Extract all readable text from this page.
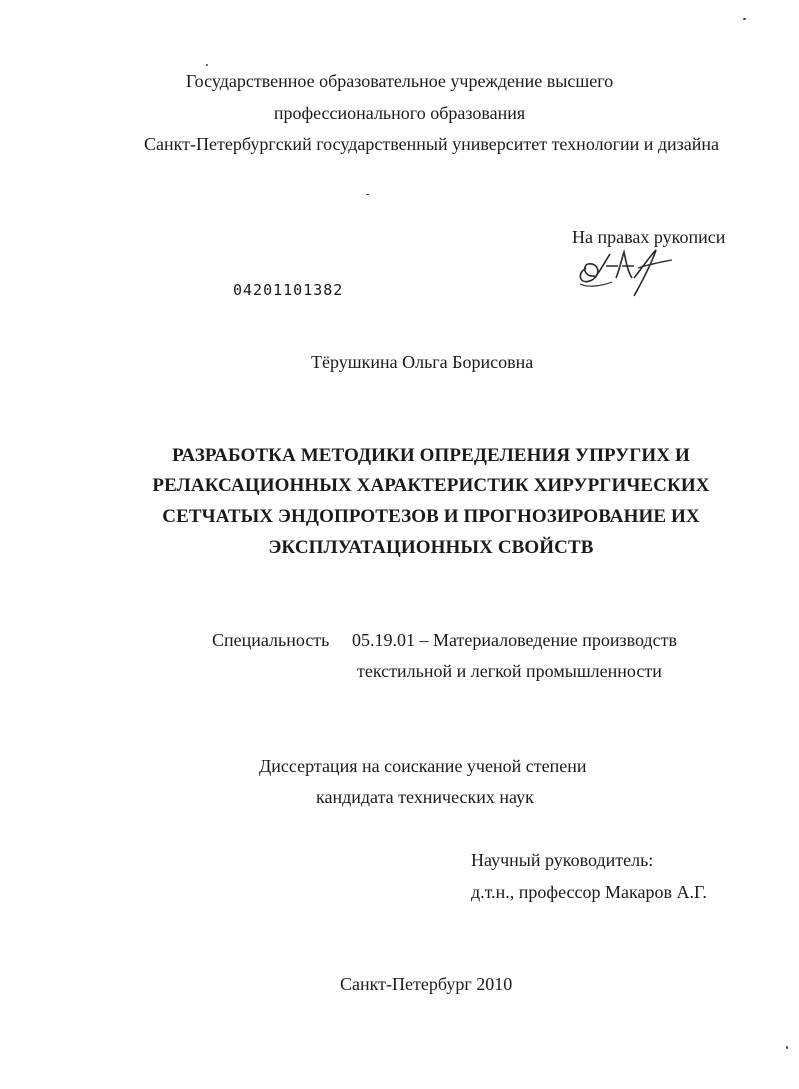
Государственное образовательное учреждение высшего
профессионального образования
Санкт-Петербургский государственный университет технологии и дизайна
На правах рукописи
04201101382
Тёрушкина Ольга Борисовна
РАЗРАБОТКА МЕТОДИКИ ОПРЕДЕЛЕНИЯ УПРУГИХ И
РЕЛАКСАЦИОННЫХ ХАРАКТЕРИСТИК ХИРУРГИЧЕСКИХ
СЕТЧАТЫХ ЭНДОПРОТЕЗОВ И ПРОГНОЗИРОВАНИЕ ИХ
ЭКСПЛУАТАЦИОННЫХ СВОЙСТВ
Специальность 05.19.01 – Материаловедение производств
текстильной и легкой промышленности
Диссертация на соискание ученой степени
кандидата технических наук
Научный руководитель:
д.т.н., профессор Макаров А.Г.
Санкт-Петербург 2010
